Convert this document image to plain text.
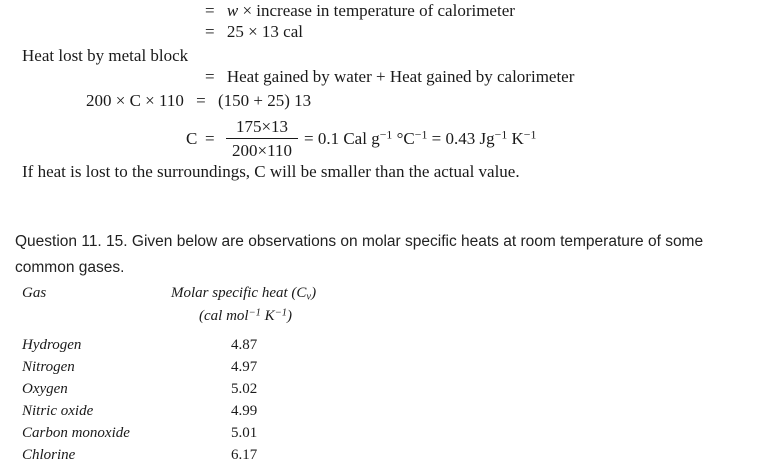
= w × increase in temperature of calorimeter
= 25 × 13 cal
Heat lost by metal block
= Heat gained by water + Heat gained by calorimeter
200 × C × 110 = (150 + 25) 13
C =
175×13
200×110
= 0.1 Cal $g^{-1}$ $^\circ C^{-1} = 0.43$ $Jg^{-1}$ $K^{-1}$
If heat is lost to the surroundings, C will be smaller than the actual value.
Question 11. 15. Given below are observations on molar specific heats at room temperature of some
common gases.
Gas	Molar specific heat $(C_v)$
(cal mol$^{-1}$ $K^{-1}$)
Hydrogen	4.87
Nitrogen	4.97
Oxygen	5.02
Nitric oxide	4.99
Carbon monoxide	5.01
Chlorine	6.17
